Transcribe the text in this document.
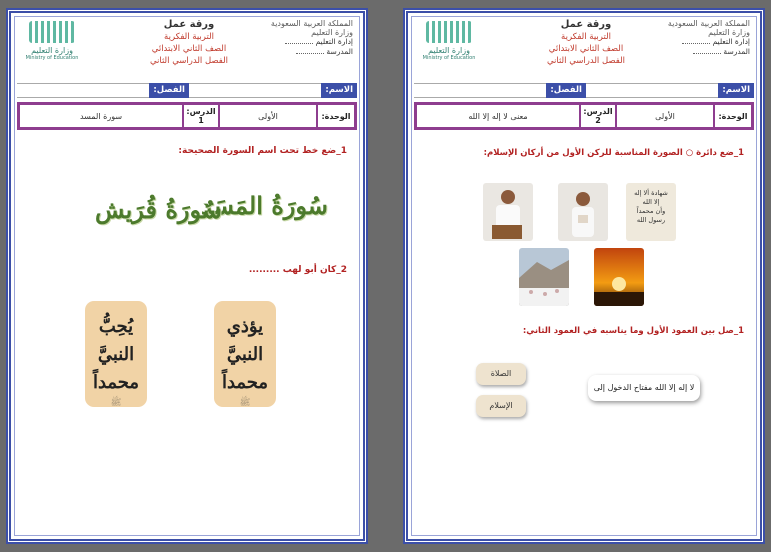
وزارة التعليم
Ministry of Education
ورقة عمل
التربية الفكرية
الصف الثاني الابتدائي
الفصل الدراسي الثاني
المملكة العربية السعودية
وزارة التعليم
إدارة التعليم
المدرسة
الاسم:
الفصل:
الوحدة:
الأولى
الدرس:
1
سورة المسد
1_ضع خط تحت اسم السورة الصحيحة:
سُورَةُ المَسَد
سُورَةُ قُرَيش
2_كان أبو لهب .........
يؤذي النبيَّ
محمداً
ﷺ
يُحِبُّ النبيَّ
محمداً
ﷺ
وزارة التعليم
Ministry of Education
ورقة عمل
التربية الفكرية
الصف الثاني الابتدائي
الفصل الدراسي الثاني
المملكة العربية السعودية
وزارة التعليم
إدارة التعليم
المدرسة
الاسم:
الفصل:
الوحدة:
الأولى
الدرس:
2
معنى لا إله إلا الله
1_ضع دائرة ○ الصورة المناسبة للركن الأول من أركان الإسلام:
شهادة ألا إله
إلا الله
وأن محمداً
رسول الله
1_صل بين العمود الأول وما يناسبه في العمود الثاني:
لا إله إلا الله مفتاح الدخول إلى
الصلاة
الإسلام
